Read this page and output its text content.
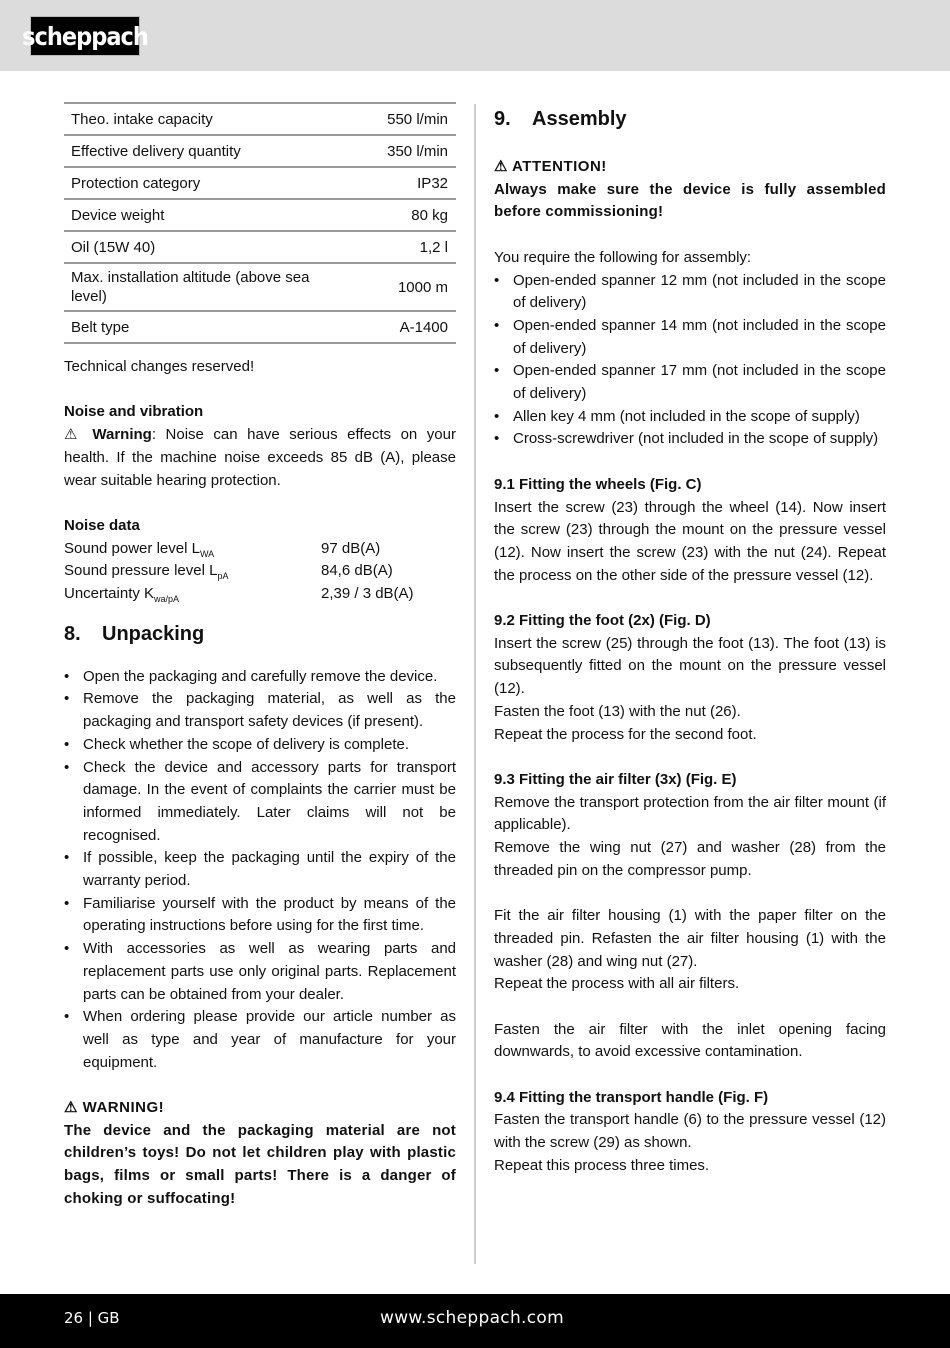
scheppach
Theo. intake capacity	550 l/min
Effective delivery quantity	350 l/min
Protection category	IP32
Device weight	80 kg
Oil (15W 40)	1,2 l
Max. installation altitude (above sea level)	1000 m
Belt type	A-1400

Technical changes reserved!

Noise and vibration

⚠ Warning: Noise can have serious effects on your health. If the machine noise exceeds 85 dB (A), please wear suitable hearing protection.

Noise data

Sound power level $L_{WA}$	97 dB(A)
Sound pressure level $L_{pA}$	84,6 dB(A)
Uncertainty $K_{wa/pA}$	2,39 / 3 dB(A)
8. Unpacking
• Open the packaging and carefully remove the device.
• Remove the packaging material, as well as the packaging and transport safety devices (if present).
• Check whether the scope of delivery is complete.
• Check the device and accessory parts for transport damage. In the event of complaints the carrier must be informed immediately. Later claims will not be recognised.
• If possible, keep the packaging until the expiry of the warranty period.
• Familiarise yourself with the product by means of the operating instructions before using for the first time.
• With accessories as well as wearing parts and replacement parts use only original parts. Replacement parts can be obtained from your dealer.
• When ordering please provide our article number as well as type and year of manufacture for your equipment.

⚠ WARNING!

The device and the packaging material are not children’s toys! Do not let children play with plastic bags, films or small parts! There is a danger of choking or suffocating!

9. Assembly

⚠ ATTENTION!

Always make sure the device is fully assembled before commissioning!

You require the following for assembly:

• Open-ended spanner 12 mm (not included in the scope of delivery)
• Open-ended spanner 14 mm (not included in the scope of delivery)
• Open-ended spanner 17 mm (not included in the scope of delivery)
• Allen key 4 mm (not included in the scope of supply)
• Cross-screwdriver (not included in the scope of supply)

9.1 Fitting the wheels (Fig. C)

Insert the screw (23) through the wheel (14). Now insert the screw (23) through the mount on the pressure vessel (12). Now insert the screw (23) with the nut (24). Repeat the process on the other side of the pressure vessel (12).

9.2 Fitting the foot (2x) (Fig. D)

Insert the screw (25) through the foot (13). The foot (13) is subsequently fitted on the mount on the pressure vessel (12).

Fasten the foot (13) with the nut (26).

Repeat the process for the second foot.

9.3 Fitting the air filter (3x) (Fig. E)

Remove the transport protection from the air filter mount (if applicable).

Remove the wing nut (27) and washer (28) from the threaded pin on the compressor pump.

Fit the air filter housing (1) with the paper filter on the threaded pin. Refasten the air filter housing (1) with the washer (28) and wing nut (27).

Repeat the process with all air filters.

Fasten the air filter with the inlet opening facing downwards, to avoid excessive contamination.

9.4 Fitting the transport handle (Fig. F)

Fasten the transport handle (6) to the pressure vessel (12) with the screw (29) as shown.

Repeat this process three times.

26 | GB	www.scheppach.com
